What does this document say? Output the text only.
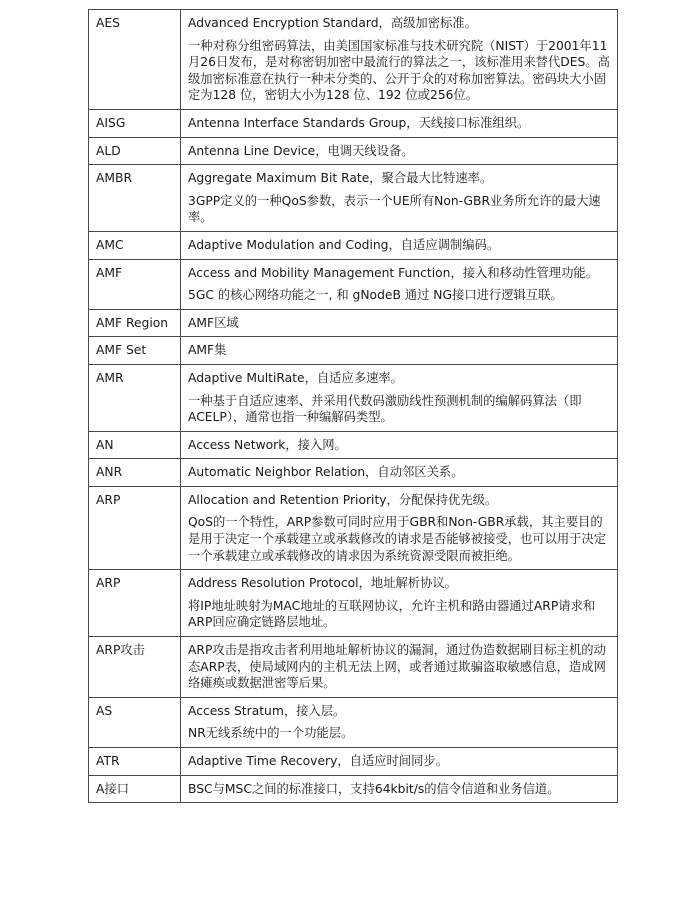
AES	Advanced Encryption Standard，高级加密标准。

一种对称分组密码算法，由美国国家标准与技术研究院（NIST）于2001年11月26日发布，是对称密钥加密中最流行的算法之一，该标准用来替代DES。高级加密标准意在执行一种未分类的、公开于众的对称加密算法。密码块大小固定为128 位，密钥大小为128 位、192 位或256位。

AISG	Antenna Interface Standards Group，天线接口标准组织。

ALD	Antenna Line Device，电调天线设备。

AMBR	Aggregate Maximum Bit Rate，聚合最大比特速率。

3GPP定义的一种QoS参数，表示一个UE所有Non-GBR业务所允许的最大速率。

AMC	Adaptive Modulation and Coding，自适应调制编码。

AMF	Access and Mobility Management Function，接入和移动性管理功能。

5GC 的核心网络功能之一, 和 gNodeB 通过 NG接口进行逻辑互联。

AMF Region	AMF区域

AMF Set	AMF集

AMR	Adaptive MultiRate，自适应多速率。

一种基于自适应速率、并采用代数码激励线性预测机制的编解码算法（即ACELP），通常也指一种编解码类型。

AN	Access Network，接入网。

ANR	Automatic Neighbor Relation，自动邻区关系。

ARP	Allocation and Retention Priority，分配保持优先级。

QoS的一个特性，ARP参数可同时应用于GBR和Non-GBR承载，其主要目的是用于决定一个承载建立或承载修改的请求是否能够被接受，也可以用于决定一个承载建立或承载修改的请求因为系统资源受限而被拒绝。

ARP	Address Resolution Protocol，地址解析协议。

将IP地址映射为MAC地址的互联网协议，允许主机和路由器通过ARP请求和ARP回应确定链路层地址。

ARP攻击	ARP攻击是指攻击者利用地址解析协议的漏洞，通过伪造数据刷目标主机的动态ARP表，使局域网内的主机无法上网，或者通过欺骗盗取敏感信息，造成网络瘫痪或数据泄密等后果。

AS	Access Stratum，接入层。

NR无线系统中的一个功能层。

ATR	Adaptive Time Recovery，自适应时间同步。

A接口	BSC与MSC之间的标准接口，支持64kbit/s的信令信道和业务信道。
